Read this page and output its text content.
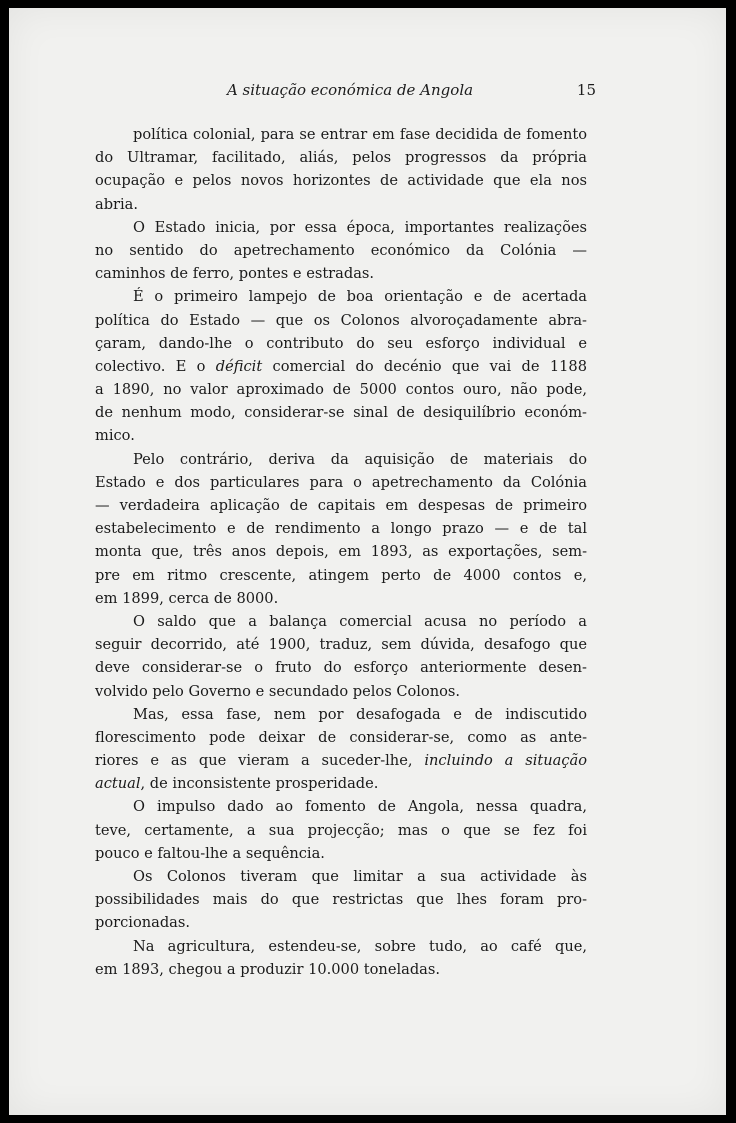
A situação económica de Angola	15
política colonial, para se entrar em fase decidida de fomento
do Ultramar, facilitado, aliás, pelos progressos da própria
ocupação e pelos novos horizontes de actividade que ela nos
abria.
O Estado inicia, por essa época, importantes realizações
no sentido do apetrechamento económico da Colónia —
caminhos de ferro, pontes e estradas.
É o primeiro lampejo de boa orientação e de acertada
política do Estado — que os Colonos alvoroçadamente abra-
çaram, dando-lhe o contributo do seu esforço individual e
colectivo. E o déficit comercial do decénio que vai de 1188
a 1890, no valor aproximado de 5000 contos ouro, não pode,
de nenhum modo, considerar-se sinal de desiquilíbrio económ-
mico.
Pelo contrário, deriva da aquisição de materiais do
Estado e dos particulares para o apetrechamento da Colónia
— verdadeira aplicação de capitais em despesas de primeiro
estabelecimento e de rendimento a longo prazo — e de tal
monta que, três anos depois, em 1893, as exportações, sem-
pre em ritmo crescente, atingem perto de 4000 contos e,
em 1899, cerca de 8000.
O saldo que a balança comercial acusa no período a
seguir decorrido, até 1900, traduz, sem dúvida, desafogo que
deve considerar-se o fruto do esforço anteriormente desen-
volvido pelo Governo e secundado pelos Colonos.
Mas, essa fase, nem por desafogada e de indiscutido
florescimento pode deixar de considerar-se, como as ante-
riores e as que vieram a suceder-lhe, incluindo a situação
actual, de inconsistente prosperidade.
O impulso dado ao fomento de Angola, nessa quadra,
teve, certamente, a sua projecção; mas o que se fez foi
pouco e faltou-lhe a sequência.
Os Colonos tiveram que limitar a sua actividade às
possibilidades mais do que restrictas que lhes foram pro-
porcionadas.
Na agricultura, estendeu-se, sobre tudo, ao café que,
em 1893, chegou a produzir 10.000 toneladas.
